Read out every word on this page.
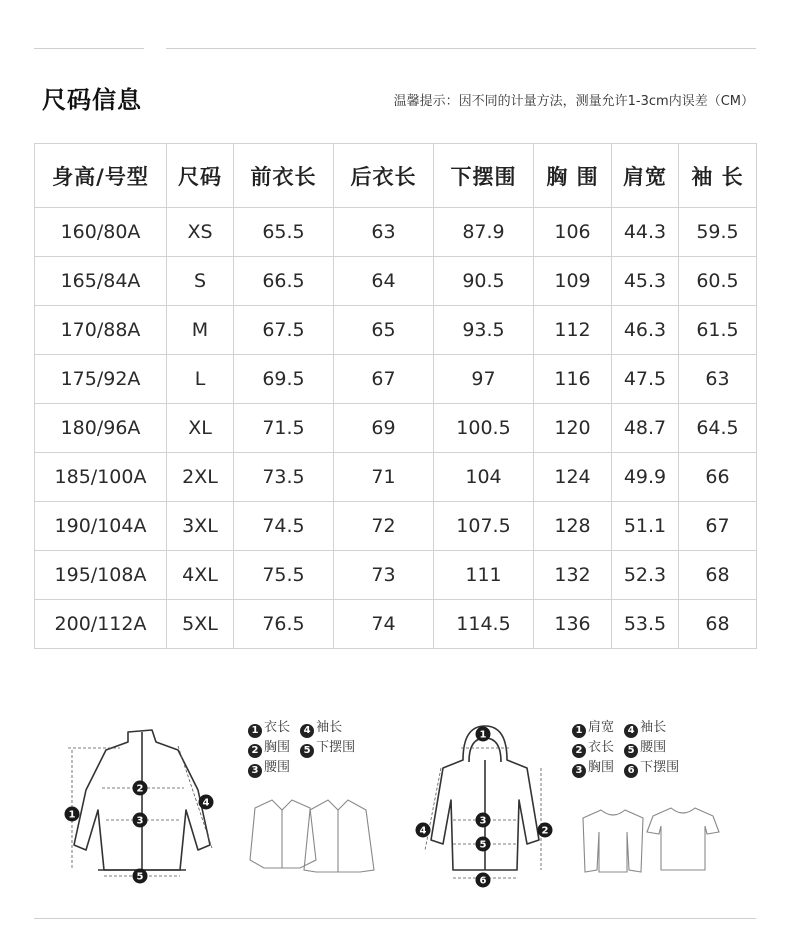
尺码信息	温馨提示：因不同的计量方法，测量允许1-3cm内误差（CM）
身高/号型	尺码	前衣长	后衣长	下摆围	胸 围	肩宽	袖 长
160/80A	XS	65.5	63	87.9	106	44.3	59.5
165/84A	S	66.5	64	90.5	109	45.3	60.5
170/88A	M	67.5	65	93.5	112	46.3	61.5
175/92A	L	69.5	67	97	116	47.5	63
180/96A	XL	71.5	69	100.5	120	48.7	64.5
185/100A	2XL	73.5	71	104	124	49.9	66
190/104A	3XL	74.5	72	107.5	128	51.1	67
195/108A	4XL	75.5	73	111	132	52.3	68
200/112A	5XL	76.5	74	114.5	136	53.5	68
1
2
3
4
5
1 衣长 4 袖长
2 胸围 5 下摆围
3 腰围
1
2
3
4
5
6
1 肩宽 4 袖长
2 衣长 5 腰围
3 胸围 6 下摆围
